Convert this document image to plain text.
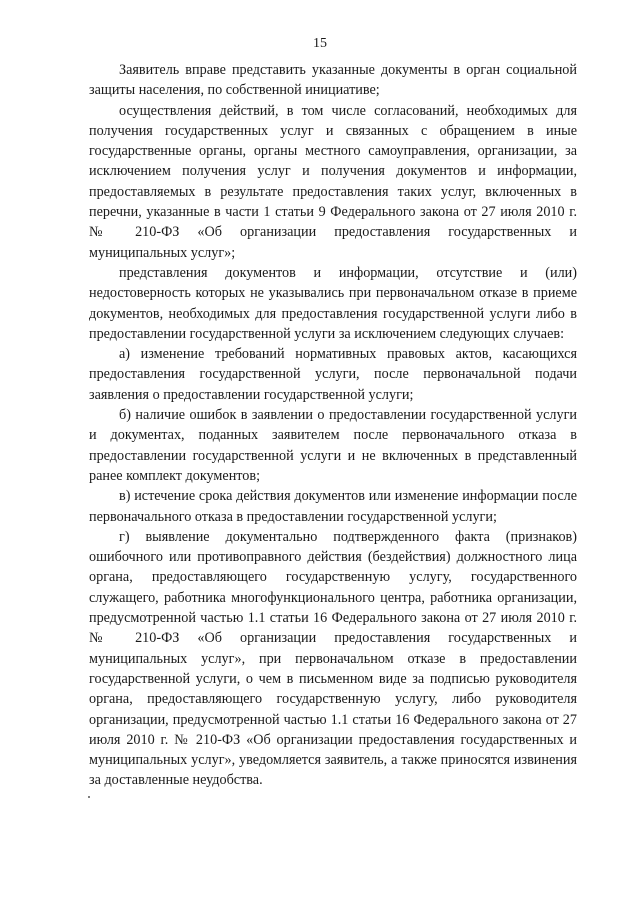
15

Заявитель вправе представить указанные документы в орган социальной защиты населения, по собственной инициативе;

осуществления действий, в том числе согласований, необходимых для получения государственных услуг и связанных с обращением в иные государственные органы, органы местного самоуправления, организации, за исключением получения услуг и получения документов и информации, предоставляемых в результате предоставления таких услуг, включенных в перечни, указанные в части 1 статьи 9 Федерального закона от 27 июля 2010 г. № 210-ФЗ «Об организации предоставления государственных и муниципальных услуг»;

представления документов и информации, отсутствие и (или) недостоверность которых не указывались при первоначальном отказе в приеме документов, необходимых для предоставления государственной услуги либо в предоставлении государственной услуги за исключением следующих случаев:

а) изменение требований нормативных правовых актов, касающихся предоставления государственной услуги, после первоначальной подачи заявления о предоставлении государственной услуги;

б) наличие ошибок в заявлении о предоставлении государственной услуги и документах, поданных заявителем после первоначального отказа в предоставлении государственной услуги и не включенных в представленный ранее комплект документов;

в) истечение срока действия документов или изменение информации после первоначального отказа в предоставлении государственной услуги;

г) выявление документально подтвержденного факта (признаков) ошибочного или противоправного действия (бездействия) должностного лица органа, предоставляющего государственную услугу, государственного служащего, работника многофункционального центра, работника организации, предусмотренной частью 1.1 статьи 16 Федерального закона от 27 июля 2010 г. № 210-ФЗ «Об организации предоставления государственных и муниципальных услуг», при первоначальном отказе в предоставлении государственной услуги, о чем в письменном виде за подписью руководителя органа, предоставляющего государственную услугу, либо руководителя организации, предусмотренной частью 1.1 статьи 16 Федерального закона от 27 июля 2010 г. № 210-ФЗ «Об организации предоставления государственных и муниципальных услуг», уведомляется заявитель, а также приносятся извинения за доставленные неудобства.
